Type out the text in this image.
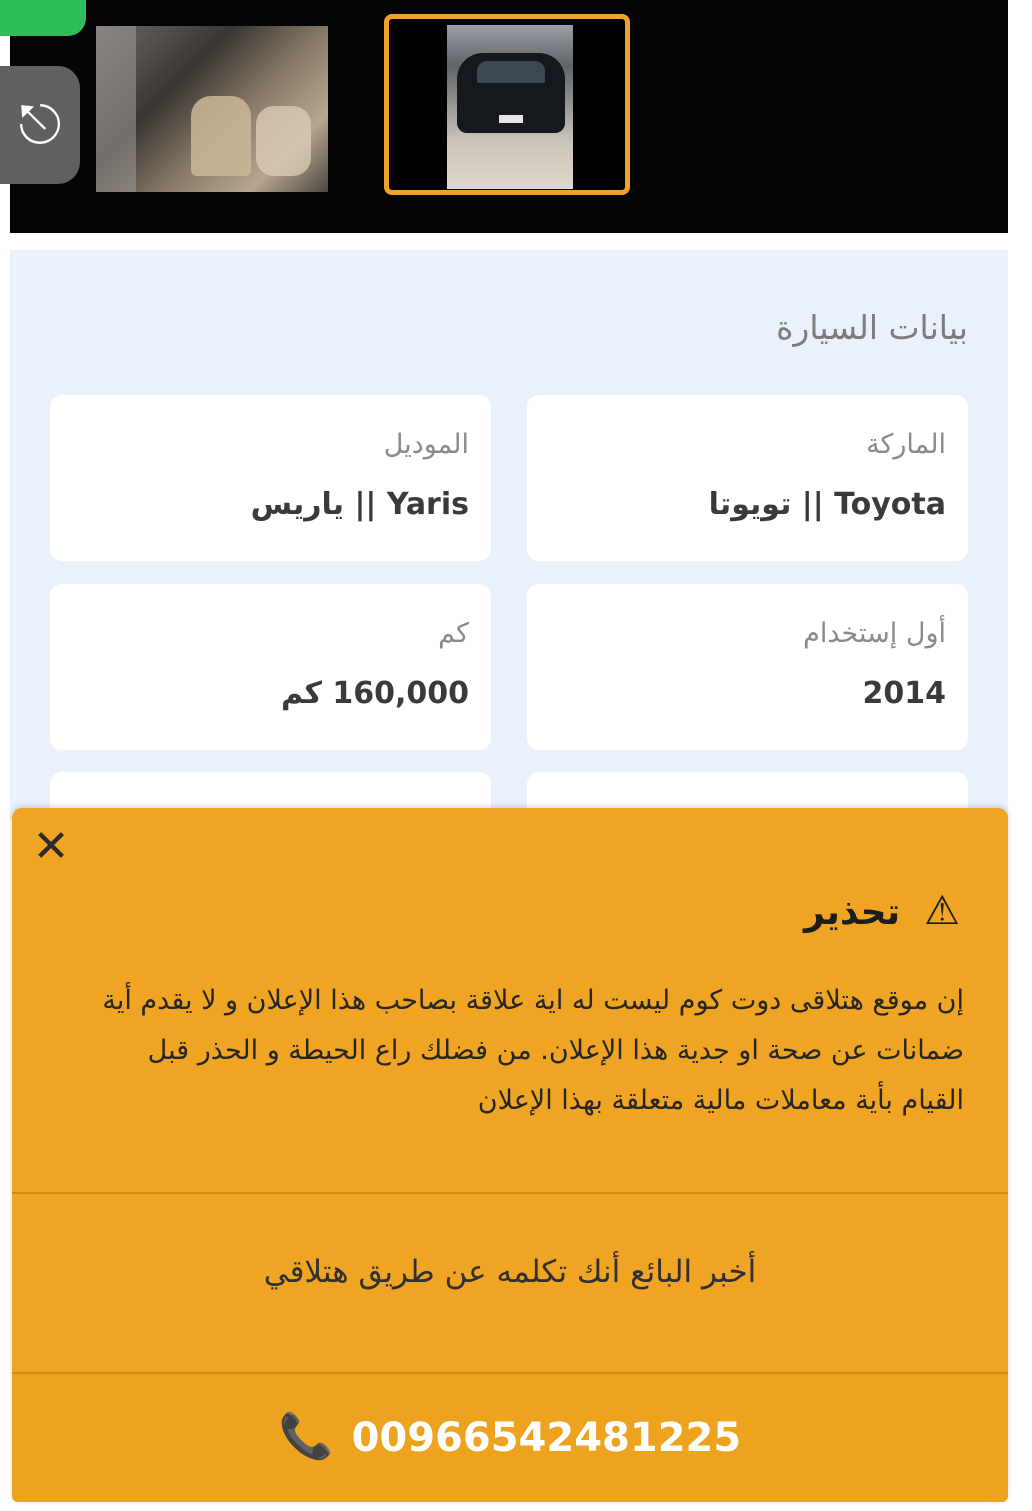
⎋
بيانات السيارة
الماركة
Toyota || تويوتا
الموديل
Yaris || ياريس
أول إستخدام
2014
كم
160,000 كم
✕
⚠تحذير
إن موقع هتلاقى دوت كوم ليست له اية علاقة بصاحب هذا الإعلان و لا يقدم أية ضمانات عن صحة او جدية هذا الإعلان. من فضلك راع الحيطة و الحذر قبل القيام بأية معاملات مالية متعلقة بهذا الإعلان
أخبر البائع أنك تكلمه عن طريق هتلاقي
📞 00966542481225
